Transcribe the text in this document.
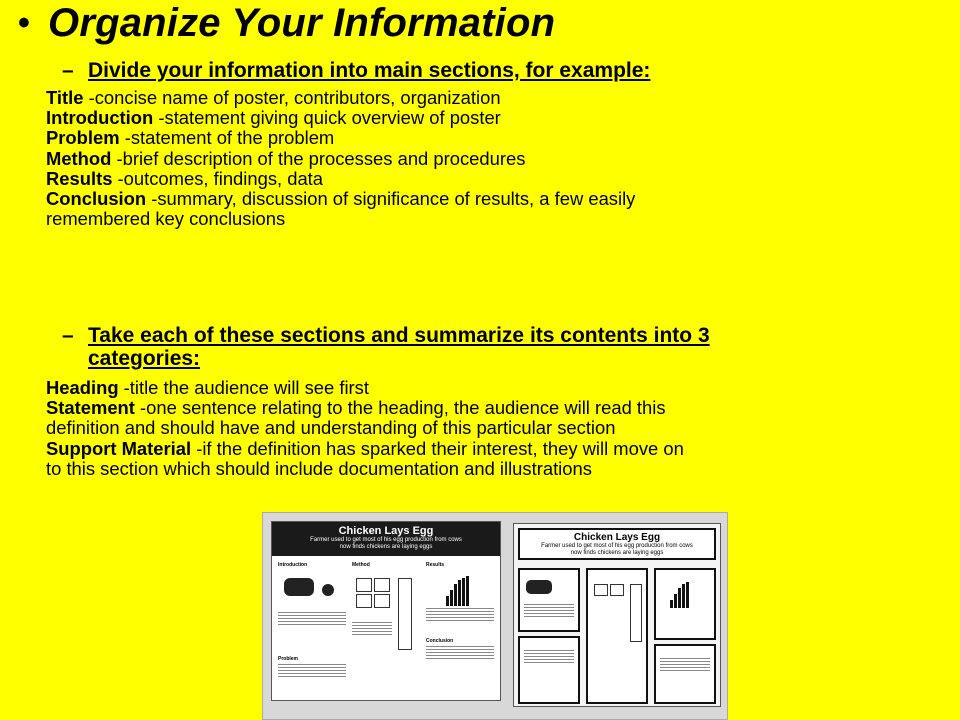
• Organize Your Information
– Divide your information into main sections, for example:
Title -concise name of poster, contributors, organization
Introduction -statement giving quick overview of poster
Problem -statement of the problem
Method -brief description of the processes and procedures
Results -outcomes, findings, data
Conclusion -summary, discussion of significance of results, a few easily
remembered key conclusions
– Take each of these sections and summarize its contents into 3
categories:
Heading -title the audience will see first
Statement -one sentence relating to the heading, the audience will read this
definition and should have and understanding of this particular section
Support Material -if the definition has sparked their interest, they will move on
to this section which should include documentation and illustrations
Chicken Lays Egg
Farmer used to get most of his egg production from cows
now finds chickens are laying eggs
Introduction
Problem
Method	Results
Conclusion
Chicken Lays Egg
Farmer used to get most of his egg production from cows
now finds chickens are laying eggs
